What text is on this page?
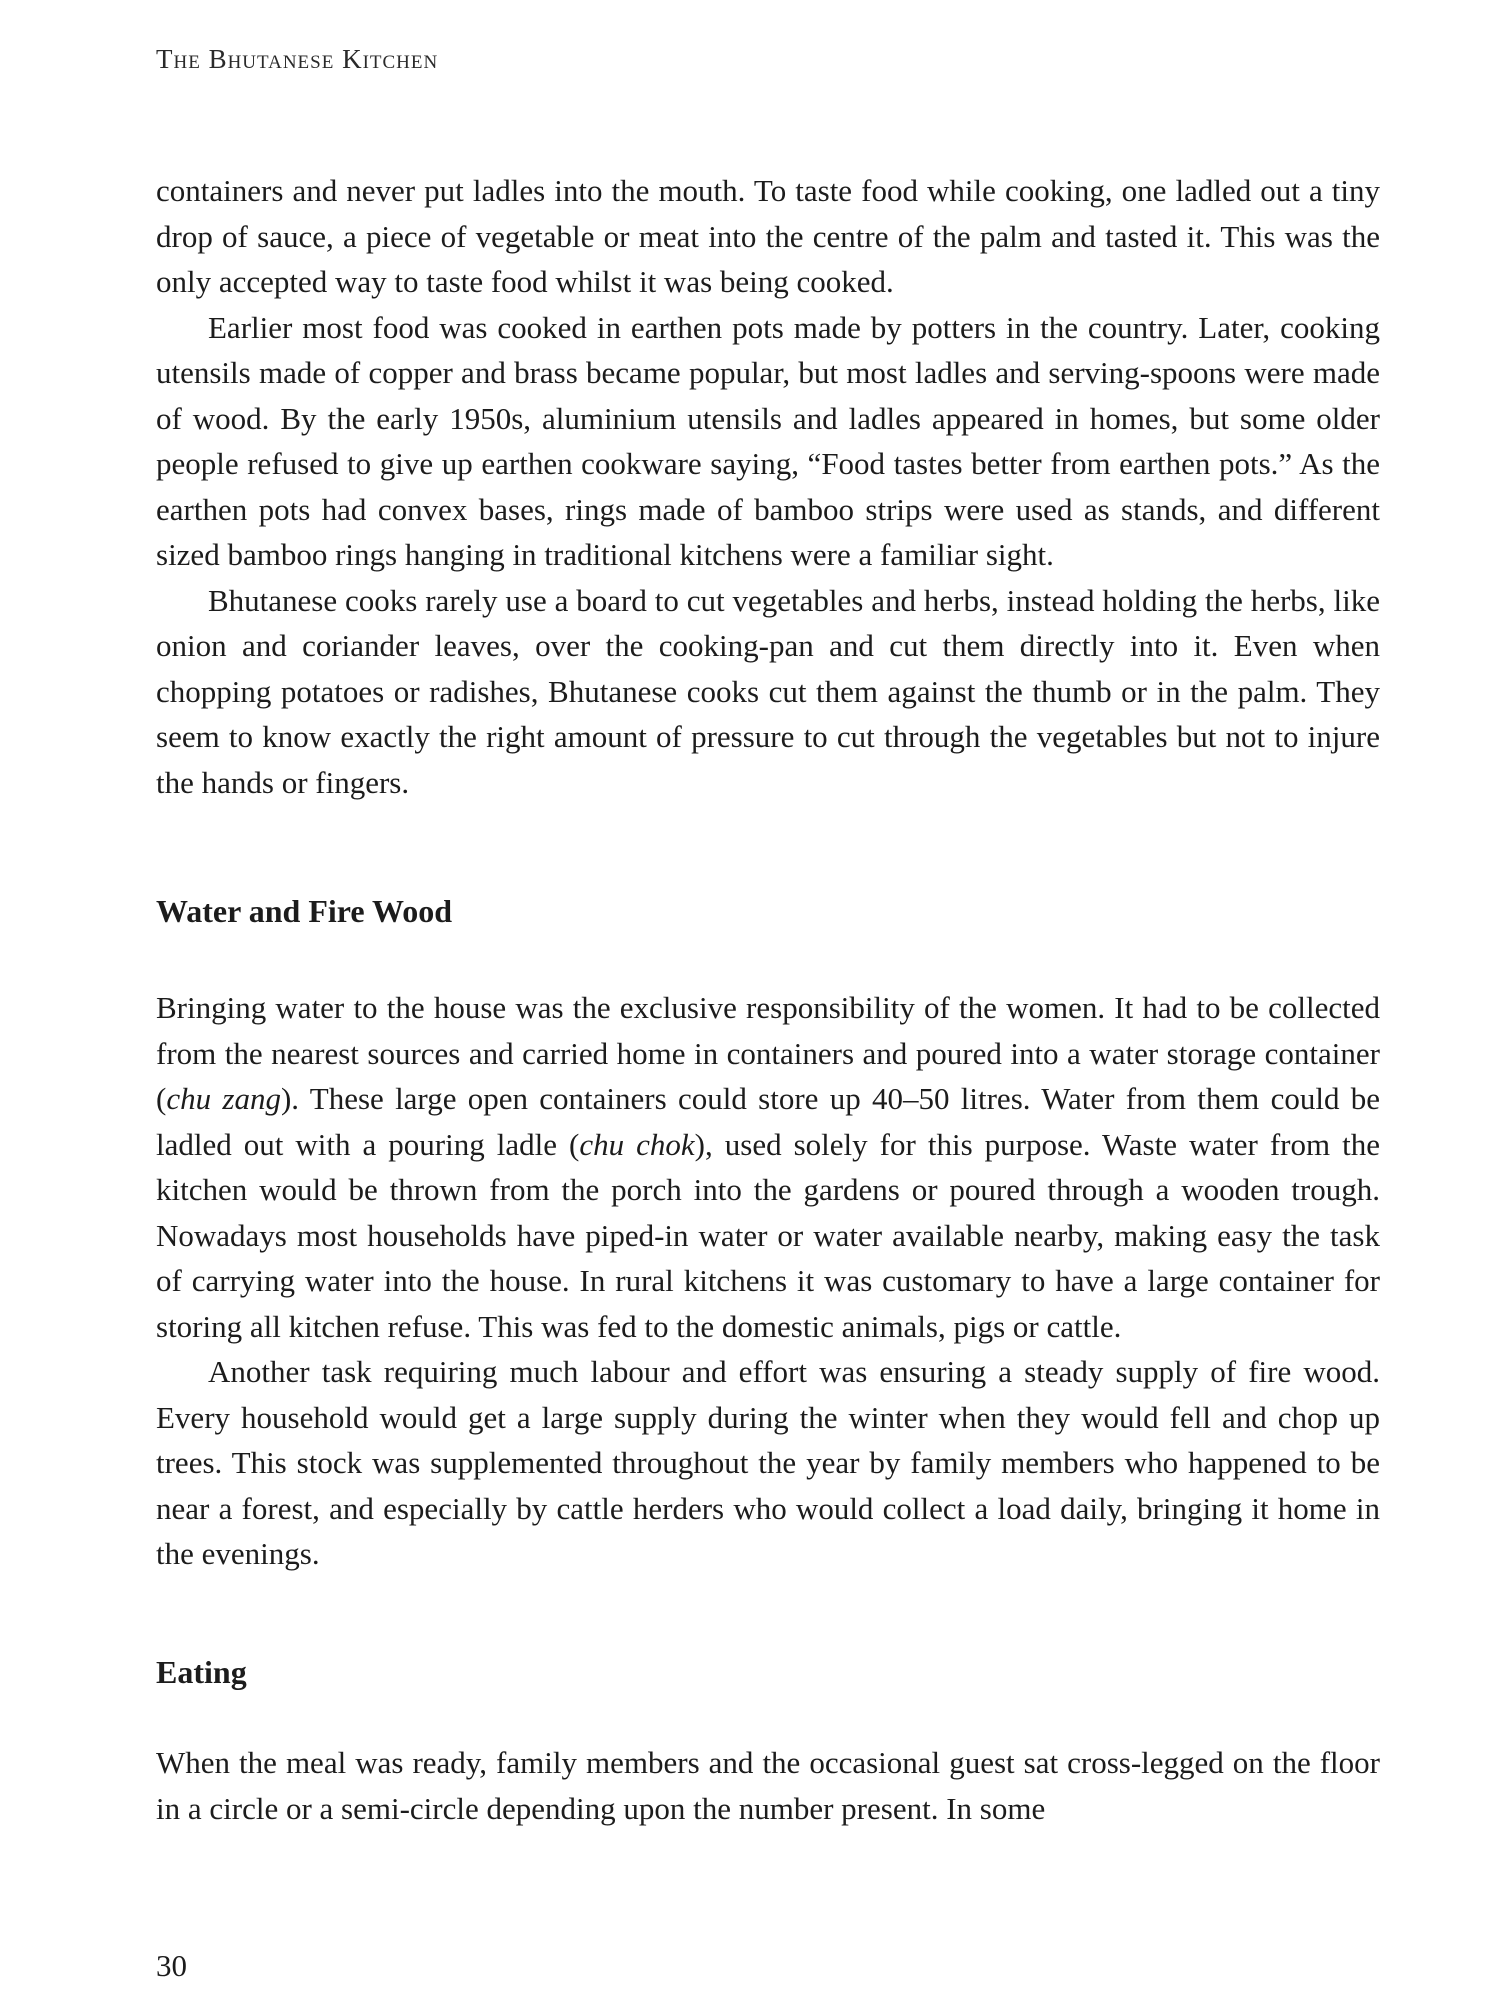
The Bhutanese Kitchen

containers and never put ladles into the mouth. To taste food while cooking, one ladled out a tiny drop of sauce, a piece of vegetable or meat into the centre of the palm and tasted it. This was the only accepted way to taste food whilst it was being cooked.

Earlier most food was cooked in earthen pots made by potters in the country. Later, cooking utensils made of copper and brass became popular, but most ladles and serving-spoons were made of wood. By the early 1950s, aluminium utensils and ladles appeared in homes, but some older people refused to give up earthen cookware saying, “Food tastes better from earthen pots.” As the earthen pots had convex bases, rings made of bamboo strips were used as stands, and different sized bamboo rings hanging in traditional kitchens were a familiar sight.

Bhutanese cooks rarely use a board to cut vegetables and herbs, instead holding the herbs, like onion and coriander leaves, over the cooking-pan and cut them directly into it. Even when chopping potatoes or radishes, Bhutanese cooks cut them against the thumb or in the palm. They seem to know exactly the right amount of pressure to cut through the vegetables but not to injure the hands or fingers.

Water and Fire Wood

Bringing water to the house was the exclusive responsibility of the women. It had to be collected from the nearest sources and carried home in containers and poured into a water storage container (chu zang). These large open containers could store up 40–50 litres. Water from them could be ladled out with a pouring ladle (chu chok), used solely for this purpose. Waste water from the kitchen would be thrown from the porch into the gardens or poured through a wooden trough. Nowadays most households have piped-in water or water available nearby, making easy the task of carrying water into the house. In rural kitchens it was customary to have a large container for storing all kitchen refuse. This was fed to the domestic animals, pigs or cattle.

Another task requiring much labour and effort was ensuring a steady supply of fire wood. Every household would get a large supply during the winter when they would fell and chop up trees. This stock was supplemented throughout the year by family members who happened to be near a forest, and especially by cattle herders who would collect a load daily, bringing it home in the evenings.

Eating

When the meal was ready, family members and the occasional guest sat cross-legged on the floor in a circle or a semi-circle depending upon the number present. In some

30
